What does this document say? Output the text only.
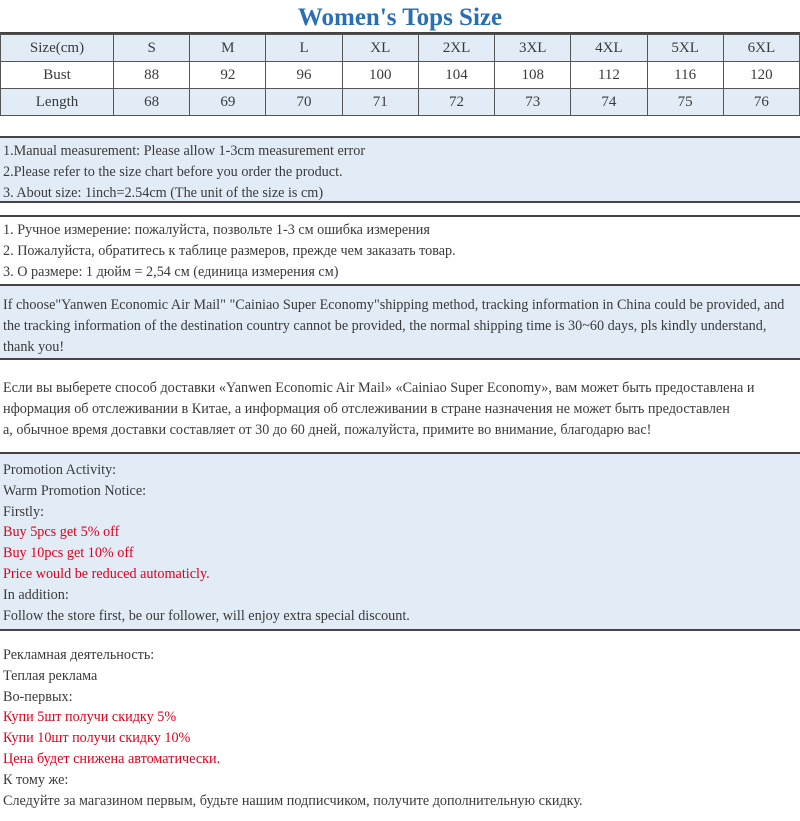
Women's Tops Size
Size(cm)	S	M	L	XL	2XL	3XL	4XL	5XL	6XL
Bust	88	92	96	100	104	108	112	116	120
Length	68	69	70	71	72	73	74	75	76
1.Manual measurement: Please allow 1-3cm measurement error
2.Please refer to the size chart before you order the product.
3. About size: 1inch=2.54cm (The unit of the size is cm)
1. Ручное измерение: пожалуйста, позвольте 1-3 см ошибка измерения
2. Пожалуйста, обратитесь к таблице размеров, прежде чем заказать товар.
3. О размере: 1 дюйм = 2,54 см (единица измерения см)
If choose"Yanwen Economic Air Mail" "Cainiao Super Economy"shipping method, tracking information in China could be provided, and
the tracking information of the destination country cannot be provided, the normal shipping time is 30~60 days, pls kindly understand,
thank you!
Если вы выберете способ доставки «Yanwen Economic Air Mail» «Cainiao Super Economy», вам может быть предоставлена и
нформация об отслеживании в Китае, а информация об отслеживании в стране назначения не может быть предоставлен
а, обычное время доставки составляет от 30 до 60 дней, пожалуйста, примите во внимание, благодарю вас!
Promotion Activity:
Warm Promotion Notice:
Firstly:
Buy 5pcs get 5% off
Buy 10pcs get 10% off
Price would be reduced automaticly.
In addition:
Follow the store first, be our follower, will enjoy extra special discount.
Рекламная деятельность:
Теплая реклама
Во-первых:
Купи 5шт получи скидку 5%
Купи 10шт получи скидку 10%
Цена будет снижена автоматически.
К тому же:
Следуйте за магазином первым, будьте нашим подписчиком, получите дополнительную скидку.
